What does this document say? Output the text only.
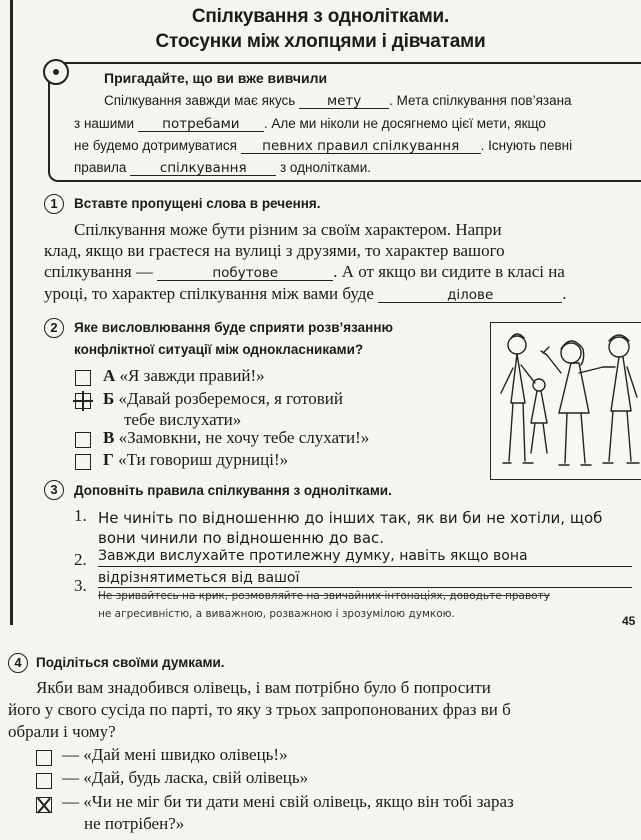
Спілкування з однолітками.
Стосунки між хлопцями і дівчатами
Пригадайте, що ви вже вивчили
Спілкування завжди має якусь мету . Мета спілкування пов’язана
з нашими потребами . Але ми ніколи не досягнемо цієї мети, якщо
не будемо дотримуватися певних правил спілкування . Існують певні
правила спілкування з однолітками.
1	Вставте пропущені слова в речення.
Спілкування може бути різним за своїм характером. Напри
клад, якщо ви граєтеся на вулиці з друзями, то характер вашого
спілкування —	побутове	. А от якщо ви сидите в класі на
уроці, то характер спілкування між вами буде	ділове	.
2	Яке висловлювання буде сприяти розв’язанню
конфліктної ситуації між однокласниками?
А «Я завжди правий!»
Б «Давай розберемося, я готовий
тебе вислухати»
В «Замовкни, не хочу тебе слухати!»
Г «Ти говориш дурниці!»
3	Доповніть правила спілкування з однолітками.
1. Не чиніть по відношенню до інших так, як ви би не хотіли, щоб
вони чинили по відношенню до вас.
2. Завжди вислухайте протилежну думку, навіть якщо вона
3. відрізнятиметься від вашої
Не зривайтесь на крик, розмовляйте на звичайних інтонаціях, доводьте правоту
не агресивністю, а виважною, розважною і зрозумілою думкою.	45
4	Поділіться своїми думками.
Якби вам знадобився олівець, і вам потрібно було б попросити
його у свого сусіда по парті, то яку з трьох запропонованих фраз ви б
обрали і чому?
— «Дай мені швидко олівець!»
— «Дай, будь ласка, свій олівець»
— «Чи не міг би ти дати мені свій олівець, якщо він тобі зараз
не потрібен?»
